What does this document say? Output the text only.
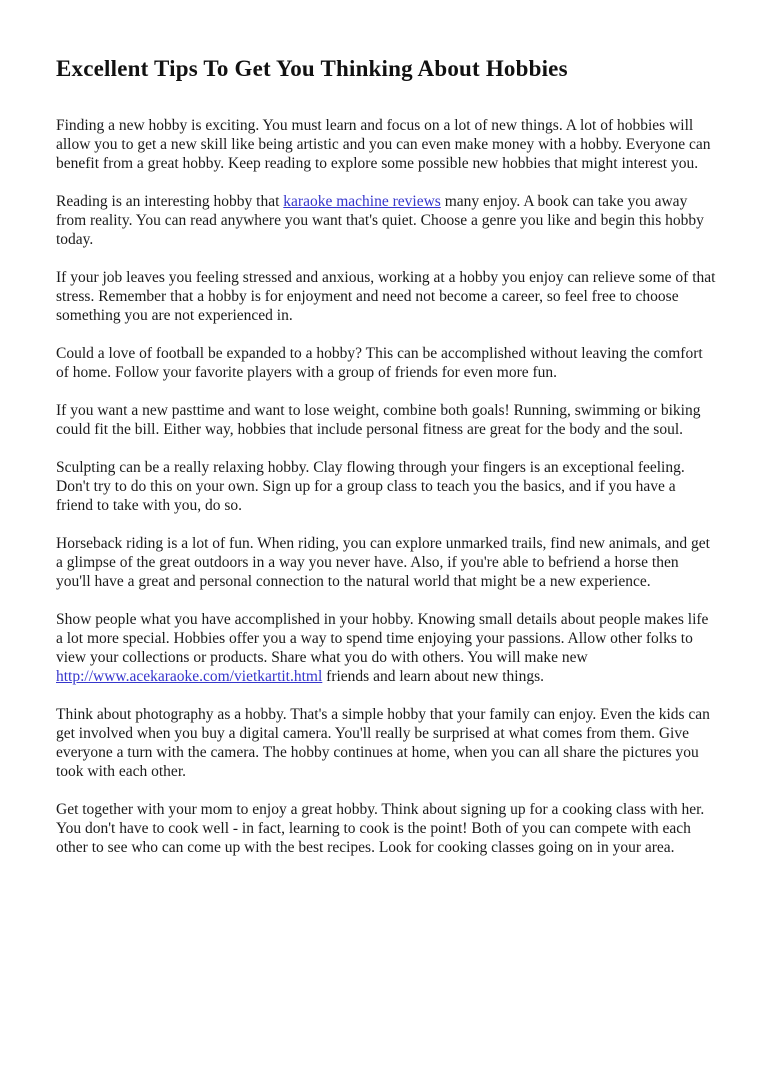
Excellent Tips To Get You Thinking About Hobbies

Finding a new hobby is exciting. You must learn and focus on a lot of new things. A lot of hobbies will allow you to get a new skill like being artistic and you can even make money with a hobby. Everyone can benefit from a great hobby. Keep reading to explore some possible new hobbies that might interest you.

Reading is an interesting hobby that karaoke machine reviews many enjoy. A book can take you away from reality. You can read anywhere you want that's quiet. Choose a genre you like and begin this hobby today.

If your job leaves you feeling stressed and anxious, working at a hobby you enjoy can relieve some of that stress. Remember that a hobby is for enjoyment and need not become a career, so feel free to choose something you are not experienced in.

Could a love of football be expanded to a hobby? This can be accomplished without leaving the comfort of home. Follow your favorite players with a group of friends for even more fun.

If you want a new pasttime and want to lose weight, combine both goals! Running, swimming or biking could fit the bill. Either way, hobbies that include personal fitness are great for the body and the soul.

Sculpting can be a really relaxing hobby. Clay flowing through your fingers is an exceptional feeling. Don't try to do this on your own. Sign up for a group class to teach you the basics, and if you have a friend to take with you, do so.

Horseback riding is a lot of fun. When riding, you can explore unmarked trails, find new animals, and get a glimpse of the great outdoors in a way you never have. Also, if you're able to befriend a horse then you'll have a great and personal connection to the natural world that might be a new experience.

Show people what you have accomplished in your hobby. Knowing small details about people makes life a lot more special. Hobbies offer you a way to spend time enjoying your passions. Allow other folks to view your collections or products. Share what you do with others. You will make new http://www.acekaraoke.com/vietkartit.html friends and learn about new things.

Think about photography as a hobby. That's a simple hobby that your family can enjoy. Even the kids can get involved when you buy a digital camera. You'll really be surprised at what comes from them. Give everyone a turn with the camera. The hobby continues at home, when you can all share the pictures you took with each other.

Get together with your mom to enjoy a great hobby. Think about signing up for a cooking class with her. You don't have to cook well - in fact, learning to cook is the point! Both of you can compete with each other to see who can come up with the best recipes. Look for cooking classes going on in your area.
